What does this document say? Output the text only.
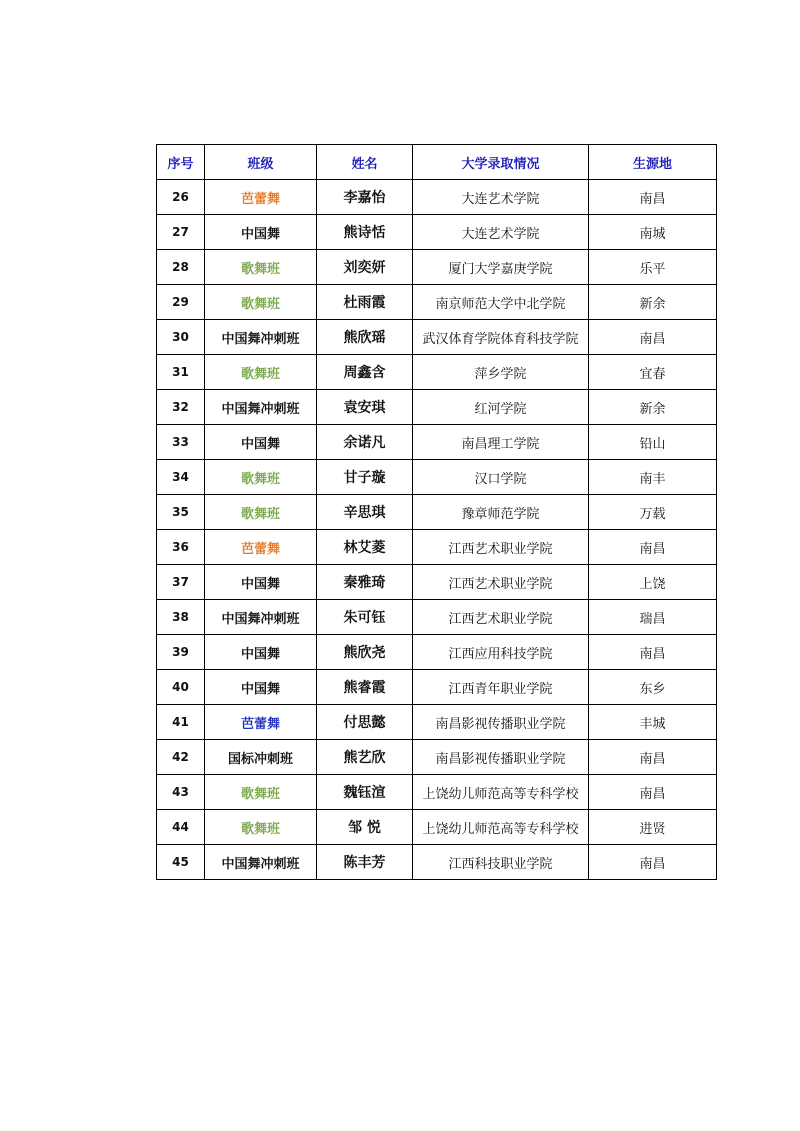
序号	班级	姓名	大学录取情况	生源地
26	芭蕾舞	李嘉怡	大连艺术学院	南昌
27	中国舞	熊诗恬	大连艺术学院	南城
28	歌舞班	刘奕妍	厦门大学嘉庚学院	乐平
29	歌舞班	杜雨霞	南京师范大学中北学院	新余
30	中国舞冲刺班	熊欣瑶	武汉体育学院体育科技学院	南昌
31	歌舞班	周鑫含	萍乡学院	宜春
32	中国舞冲刺班	袁安琪	红河学院	新余
33	中国舞	余诺凡	南昌理工学院	铅山
34	歌舞班	甘子璇	汉口学院	南丰
35	歌舞班	辛思琪	豫章师范学院	万载
36	芭蕾舞	林艾菱	江西艺术职业学院	南昌
37	中国舞	秦雅琦	江西艺术职业学院	上饶
38	中国舞冲刺班	朱可钰	江西艺术职业学院	瑞昌
39	中国舞	熊欣尧	江西应用科技学院	南昌
40	中国舞	熊睿霞	江西青年职业学院	东乡
41	芭蕾舞	付思懿	南昌影视传播职业学院	丰城
42	国标冲刺班	熊艺欣	南昌影视传播职业学院	南昌
43	歌舞班	魏钰渲	上饶幼儿师范高等专科学校	南昌
44	歌舞班	邹 悦	上饶幼儿师范高等专科学校	进贤
45	中国舞冲刺班	陈丰芳	江西科技职业学院	南昌
